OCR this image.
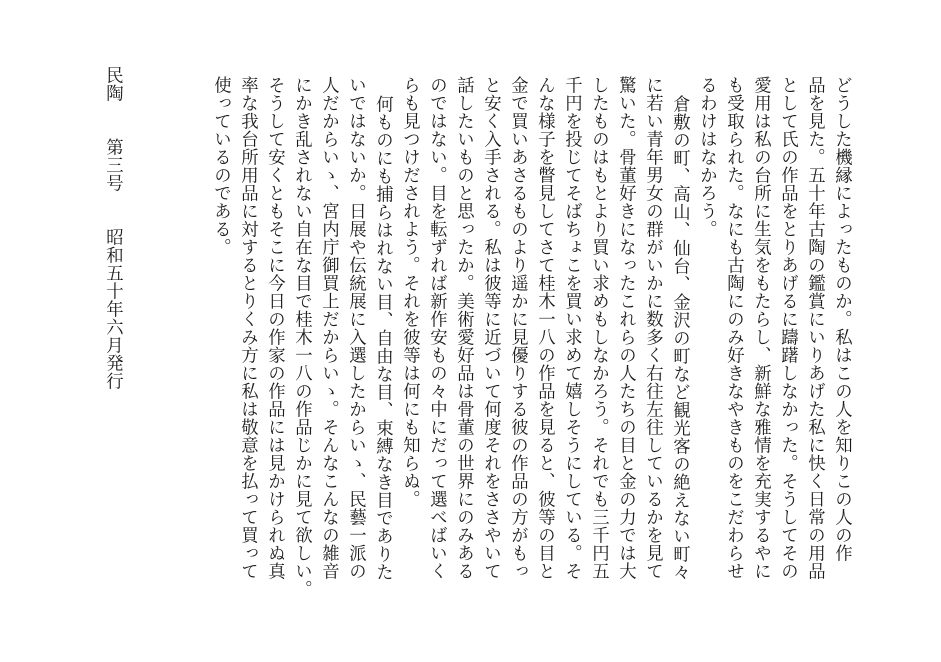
どうした機縁によったものか。私はこの人を知りこの人の作
品を見た。五十年古陶の鑑賞にいりあげた私に快く日常の用品
として氏の作品をとりあげるに躊躇しなかった。そうしてその
愛用は私の台所に生気をもたらし、新鮮な雅情を充実するやに
も受取られた。なにも古陶にのみ好きなやきものをこだわらせ
るわけはなかろう。
倉敷の町、高山、仙台、金沢の町など観光客の絶えない町々
に若い青年男女の群がいかに数多く右往左往しているかを見て
驚いた。骨董好きになったこれらの人たちの目と金の力では大
したものはもとより買い求めもしなかろう。それでも三千円五
千円を投じてそばちょこを買い求めて嬉しそうにしている。そ
んな様子を瞥見してさて桂木一八の作品を見ると、彼等の目と
金で買いあさるものより遥かに見優りする彼の作品の方がもっ
と安く入手される。私は彼等に近づいて何度それをささやいて
話したいものと思ったか。美術愛好品は骨董の世界にのみある
のではない。目を転ずれば新作安もの々中にだって選べばいく
らも見つけだされよう。それを彼等は何にも知らぬ。
何ものにも捕らはれない目、自由な目、束縛なき目でありた
いではないか。日展や伝統展に入選したからいゝ、民藝一派の
人だからいゝ、宮内庁御買上だからいゝ。そんなこんなの雑音
にかき乱されない自在な目で桂木一八の作品じかに見て欲しい。
そうして安くともそこに今日の作家の作品には見かけられぬ真
率な我台所用品に対するとりくみ方に私は敬意を払って買って
使っているのである。
民陶　　第三号　　昭和五十年六月発行
